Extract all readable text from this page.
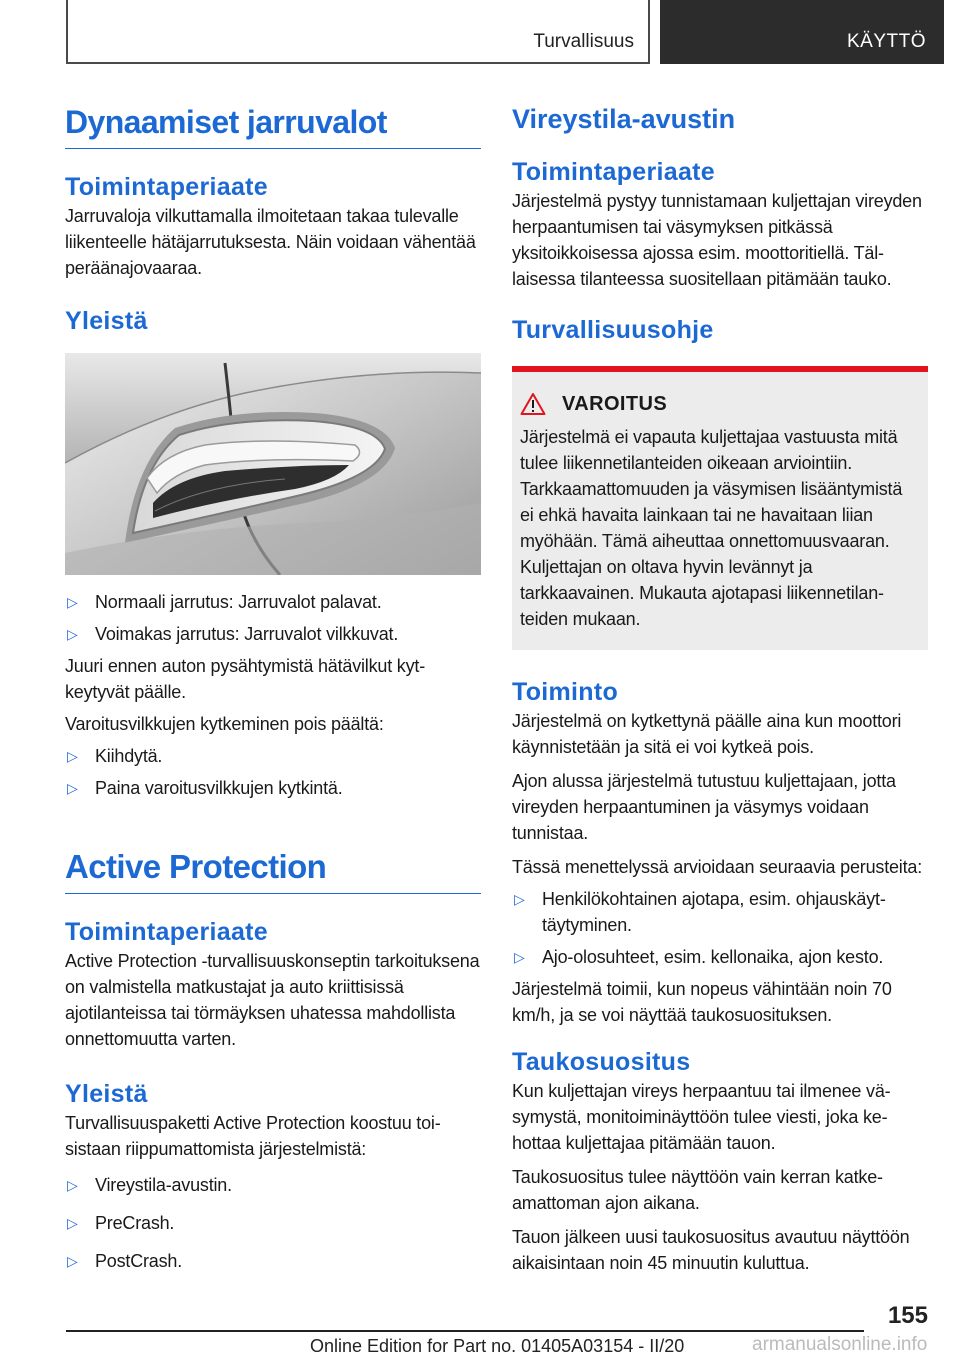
Turvallisuus	KÄYTTÖ
Dynaamiset jarruvalot
Toimintaperiaate

Jarruvaloja vilkuttamalla ilmoitetaan takaa tulevalle liikenteelle hätäjarrutuksesta. Näin voidaan vähentää peräänajovaaraa.

Yleistä
▷ Normaali jarrutus: Jarruvalot palavat.
▷ Voimakas jarrutus: Jarruvalot vilkkuvat.

Juuri ennen auton pysähtymistä hätävilkut kytkeytyvät päälle.

Varoitusvilkkujen kytkeminen pois päältä:

▷ Kiihdytä.
▷ Paina varoitusvilkkujen kytkintä.
Active Protection
Toimintaperiaate

Active Protection -turvallisuuskonseptin tarkoituksena on valmistella matkustajat ja auto kriittisissä ajotilanteissa tai törmäyksen uhatessa mahdollista onnettomuutta varten.

Yleistä

Turvallisuuspaketti Active Protection koostuu toisistaan riippumattomista järjestelmistä:

▷ Vireystila-avustin.
▷ PreCrash.
▷ PostCrash.
Vireystila-avustin
Toimintaperiaate

Järjestelmä pystyy tunnistamaan kuljettajan vireyden herpaantumisen tai väsymyksen pitkässä yksitoikkoisessa ajossa esim. moottoritiellä. Tällaisessa tilanteessa suositellaan pitämään tauko.

Turvallisuusohje
VAROITUS

Järjestelmä ei vapauta kuljettajaa vastuusta mitä tulee liikennetilanteiden oikeaan arviointiin. Tarkkaamattomuuden ja väsymisen lisääntymistä ei ehkä havaita lainkaan tai ne havaitaan liian myöhään. Tämä aiheuttaa onnettomuusvaaran. Kuljettajan on oltava hyvin levännyt ja tarkkaavainen. Mukauta ajotapasi liikennetilanteiden mukaan.

Toiminto

Järjestelmä on kytkettynä päälle aina kun moottori käynnistetään ja sitä ei voi kytkeä pois.

Ajon alussa järjestelmä tutustuu kuljettajaan, jotta vireyden herpaantuminen ja väsymys voidaan tunnistaa.

Tässä menettelyssä arvioidaan seuraavia perusteita:

▷ Henkilökohtainen ajotapa, esim. ohjauskäyttäytyminen.
▷ Ajo-olosuhteet, esim. kellonaika, ajon kesto.

Järjestelmä toimii, kun nopeus vähintään noin 70 km/h, ja se voi näyttää taukosuosituksen.

Taukosuositus

Kun kuljettajan vireys herpaantuu tai ilmenee väsymystä, monitoiminäyttöön tulee viesti, joka kehottaa kuljettajaa pitämään tauon.

Taukosuositus tulee näyttöön vain kerran katkeamattoman ajon aikana.

Tauon jälkeen uusi taukosuositus avautuu näyttöön aikaisintaan noin 45 minuutin kuluttua.

155
Online Edition for Part no. 01405A03154 - II/20	armanualsonline.info
